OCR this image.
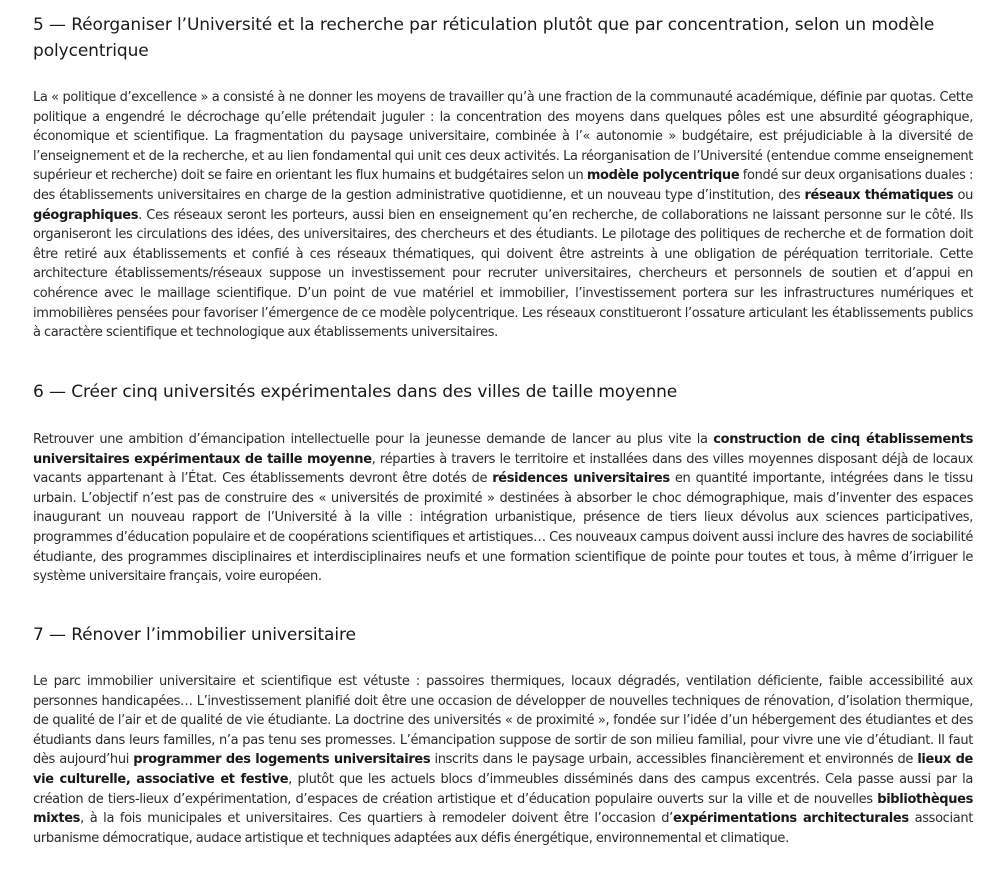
5 — Réorganiser l’Université et la recherche par réticulation plutôt que par concentration, selon un modèle polycentrique

La « politique d’excellence » a consisté à ne donner les moyens de travailler qu’à une fraction de la communauté académique, définie par quotas. Cette politique a engendré le décrochage qu’elle prétendait juguler : la concentration des moyens dans quelques pôles est une absurdité géographique, économique et scientifique. La fragmentation du paysage universitaire, combinée à l’« autonomie » budgétaire, est préjudiciable à la diversité de l’enseignement et de la recherche, et au lien fondamental qui unit ces deux activités. La réorganisation de l’Université (entendue comme enseignement supérieur et recherche) doit se faire en orientant les flux humains et budgétaires selon un modèle polycentrique fondé sur deux organisations duales : des établissements universitaires en charge de la gestion administrative quotidienne, et un nouveau type d’institution, des réseaux thématiques ou géographiques. Ces réseaux seront les porteurs, aussi bien en enseignement qu’en recherche, de collaborations ne laissant personne sur le côté. Ils organiseront les circulations des idées, des universitaires, des chercheurs et des étudiants. Le pilotage des politiques de recherche et de formation doit être retiré aux établissements et confié à ces réseaux thématiques, qui doivent être astreints à une obligation de péréquation territoriale. Cette architecture établissements/réseaux suppose un investissement pour recruter universitaires, chercheurs et personnels de soutien et d’appui en cohérence avec le maillage scientifique. D’un point de vue matériel et immobilier, l’investissement portera sur les infrastructures numériques et immobilières pensées pour favoriser l’émergence de ce modèle polycentrique. Les réseaux constitueront l’ossature articulant les établissements publics à caractère scientifique et technologique aux établissements universitaires.

6 — Créer cinq universités expérimentales dans des villes de taille moyenne

Retrouver une ambition d’émancipation intellectuelle pour la jeunesse demande de lancer au plus vite la construction de cinq établissements universitaires expérimentaux de taille moyenne, réparties à travers le territoire et installées dans des villes moyennes disposant déjà de locaux vacants appartenant à l’État. Ces établissements devront être dotés de résidences universitaires en quantité importante, intégrées dans le tissu urbain. L’objectif n’est pas de construire des « universités de proximité » destinées à absorber le choc démographique, mais d’inventer des espaces inaugurant un nouveau rapport de l’Université à la ville : intégration urbanistique, présence de tiers lieux dévolus aux sciences participatives, programmes d’éducation populaire et de coopérations scientifiques et artistiques… Ces nouveaux campus doivent aussi inclure des havres de sociabilité étudiante, des programmes disciplinaires et interdisciplinaires neufs et une formation scientifique de pointe pour toutes et tous, à même d’irriguer le système universitaire français, voire européen.

7 — Rénover l’immobilier universitaire

Le parc immobilier universitaire et scientifique est vétuste : passoires thermiques, locaux dégradés, ventilation déficiente, faible accessibilité aux personnes handicapées… L’investissement planifié doit être une occasion de développer de nouvelles techniques de rénovation, d’isolation thermique, de qualité de l’air et de qualité de vie étudiante. La doctrine des universités « de proximité », fondée sur l’idée d’un hébergement des étudiantes et des étudiants dans leurs familles, n’a pas tenu ses promesses. L’émancipation suppose de sortir de son milieu familial, pour vivre une vie d’étudiant. Il faut dès aujourd’hui programmer des logements universitaires inscrits dans le paysage urbain, accessibles financièrement et environnés de lieux de vie culturelle, associative et festive, plutôt que les actuels blocs d’immeubles disséminés dans des campus excentrés. Cela passe aussi par la création de tiers-lieux d’expérimentation, d’espaces de création artistique et d’éducation populaire ouverts sur la ville et de nouvelles bibliothèques mixtes, à la fois municipales et universitaires. Ces quartiers à remodeler doivent être l’occasion d’expérimentations architecturales associant urbanisme démocratique, audace artistique et techniques adaptées aux défis énergétique, environnemental et climatique.
